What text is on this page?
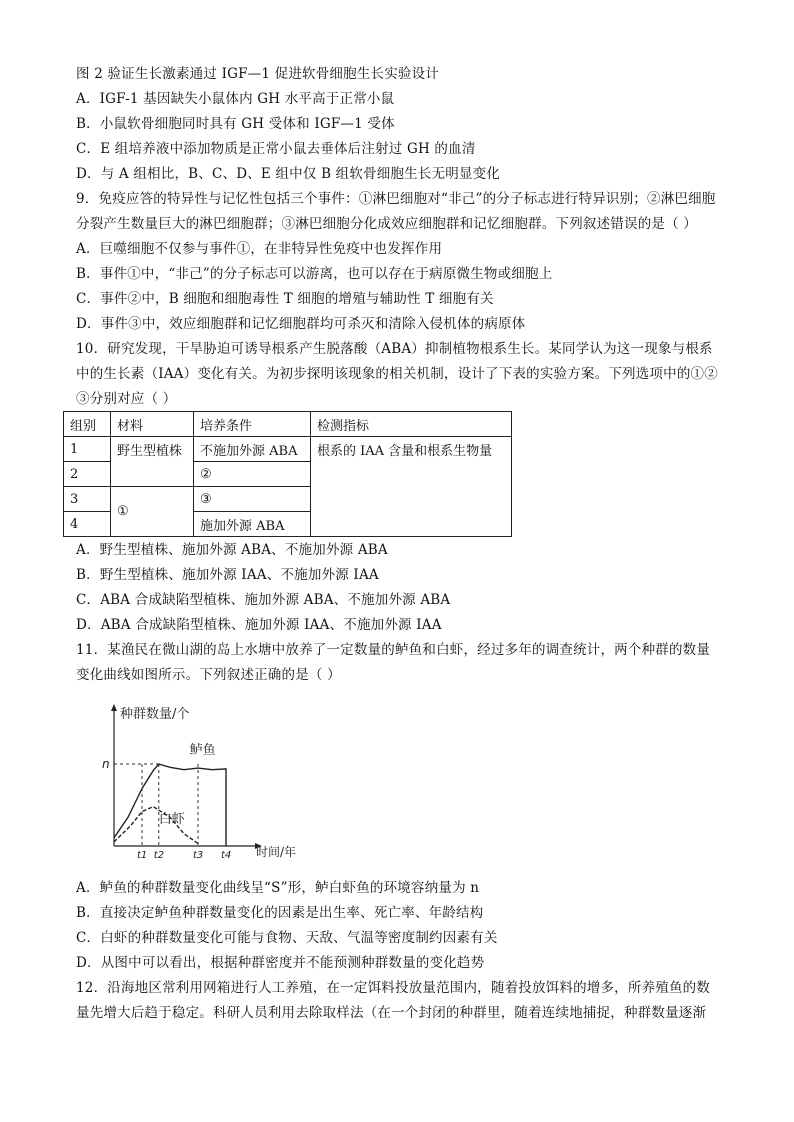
图 2 验证生长激素通过 IGF—1 促进软骨细胞生长实验设计
A．IGF-1 基因缺失小鼠体内 GH 水平高于正常小鼠
B．小鼠软骨细胞同时具有 GH 受体和 IGF—1 受体
C．E 组培养液中添加物质是正常小鼠去垂体后注射过 GH 的血清
D．与 A 组相比，B、C、D、E 组中仅 B 组软骨细胞生长无明显变化
9．免疫应答的特异性与记忆性包括三个事件：①淋巴细胞对“非己”的分子标志进行特异识别；②淋巴细胞
分裂产生数量巨大的淋巴细胞群；③淋巴细胞分化成效应细胞群和记忆细胞群。下列叙述错误的是（ ）
A．巨噬细胞不仅参与事件①，在非特异性免疫中也发挥作用
B．事件①中，“非己”的分子标志可以游离，也可以存在于病原微生物或细胞上
C．事件②中，B 细胞和细胞毒性 T 细胞的增殖与辅助性 T 细胞有关
D．事件③中，效应细胞群和记忆细胞群均可杀灭和清除入侵机体的病原体
10．研究发现，干旱胁迫可诱导根系产生脱落酸（ABA）抑制植物根系生长。某同学认为这一现象与根系
中的生长素（IAA）变化有关。为初步探明该现象的相关机制，设计了下表的实验方案。下列选项中的①②
③分别对应（ ）
组别	材料	培养条件	检测指标
1	野生型植株	不施加外源 ABA	根系的 IAA 含量和根系生物量
2		②	
3	①	③	
4		施加外源 ABA	
A．野生型植株、施加外源 ABA、不施加外源 ABA
B．野生型植株、施加外源 IAA、不施加外源 IAA
C．ABA 合成缺陷型植株、施加外源 ABA、不施加外源 ABA
D．ABA 合成缺陷型植株、施加外源 IAA、不施加外源 IAA
11．某渔民在微山湖的岛上水塘中放养了一定数量的鲈鱼和白虾，经过多年的调查统计，两个种群的数量
变化曲线如图所示。下列叙述正确的是（ ）
种群数量/个
时间/年
n
t1 t2	t3 t4
鲈鱼
白虾
A．鲈鱼的种群数量变化曲线呈“S”形，鲈白虾鱼的环境容纳量为 n
B．直接决定鲈鱼种群数量变化的因素是出生率、死亡率、年龄结构
C．白虾的种群数量变化可能与食物、天敌、气温等密度制约因素有关
D．从图中可以看出，根据种群密度并不能预测种群数量的变化趋势
12．沿海地区常利用网箱进行人工养殖，在一定饵料投放量范围内，随着投放饵料的增多，所养殖鱼的数
量先增大后趋于稳定。科研人员利用去除取样法（在一个封闭的种群里，随着连续地捕捉，种群数量逐渐
